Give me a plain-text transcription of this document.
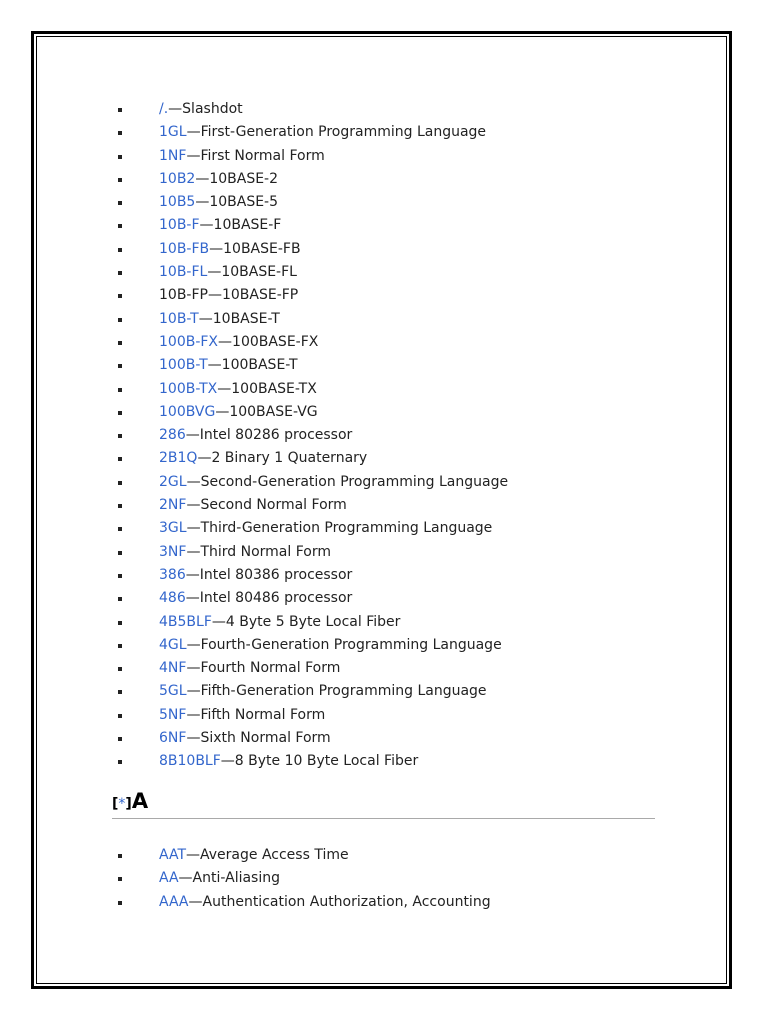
/.—Slashdot
1GL—First-Generation Programming Language
1NF—First Normal Form
10B2—10BASE-2
10B5—10BASE-5
10B-F—10BASE-F
10B-FB—10BASE-FB
10B-FL—10BASE-FL
10B-FP—10BASE-FP
10B-T—10BASE-T
100B-FX—100BASE-FX
100B-T—100BASE-T
100B-TX—100BASE-TX
100BVG—100BASE-VG
286—Intel 80286 processor
2B1Q—2 Binary 1 Quaternary
2GL—Second-Generation Programming Language
2NF—Second Normal Form
3GL—Third-Generation Programming Language
3NF—Third Normal Form
386—Intel 80386 processor
486—Intel 80486 processor
4B5BLF—4 Byte 5 Byte Local Fiber
4GL—Fourth-Generation Programming Language
4NF—Fourth Normal Form
5GL—Fifth-Generation Programming Language
5NF—Fifth Normal Form
6NF—Sixth Normal Form
8B10BLF—8 Byte 10 Byte Local Fiber
[*]A
AAT—Average Access Time
AA—Anti-Aliasing
AAA—Authentication Authorization, Accounting
